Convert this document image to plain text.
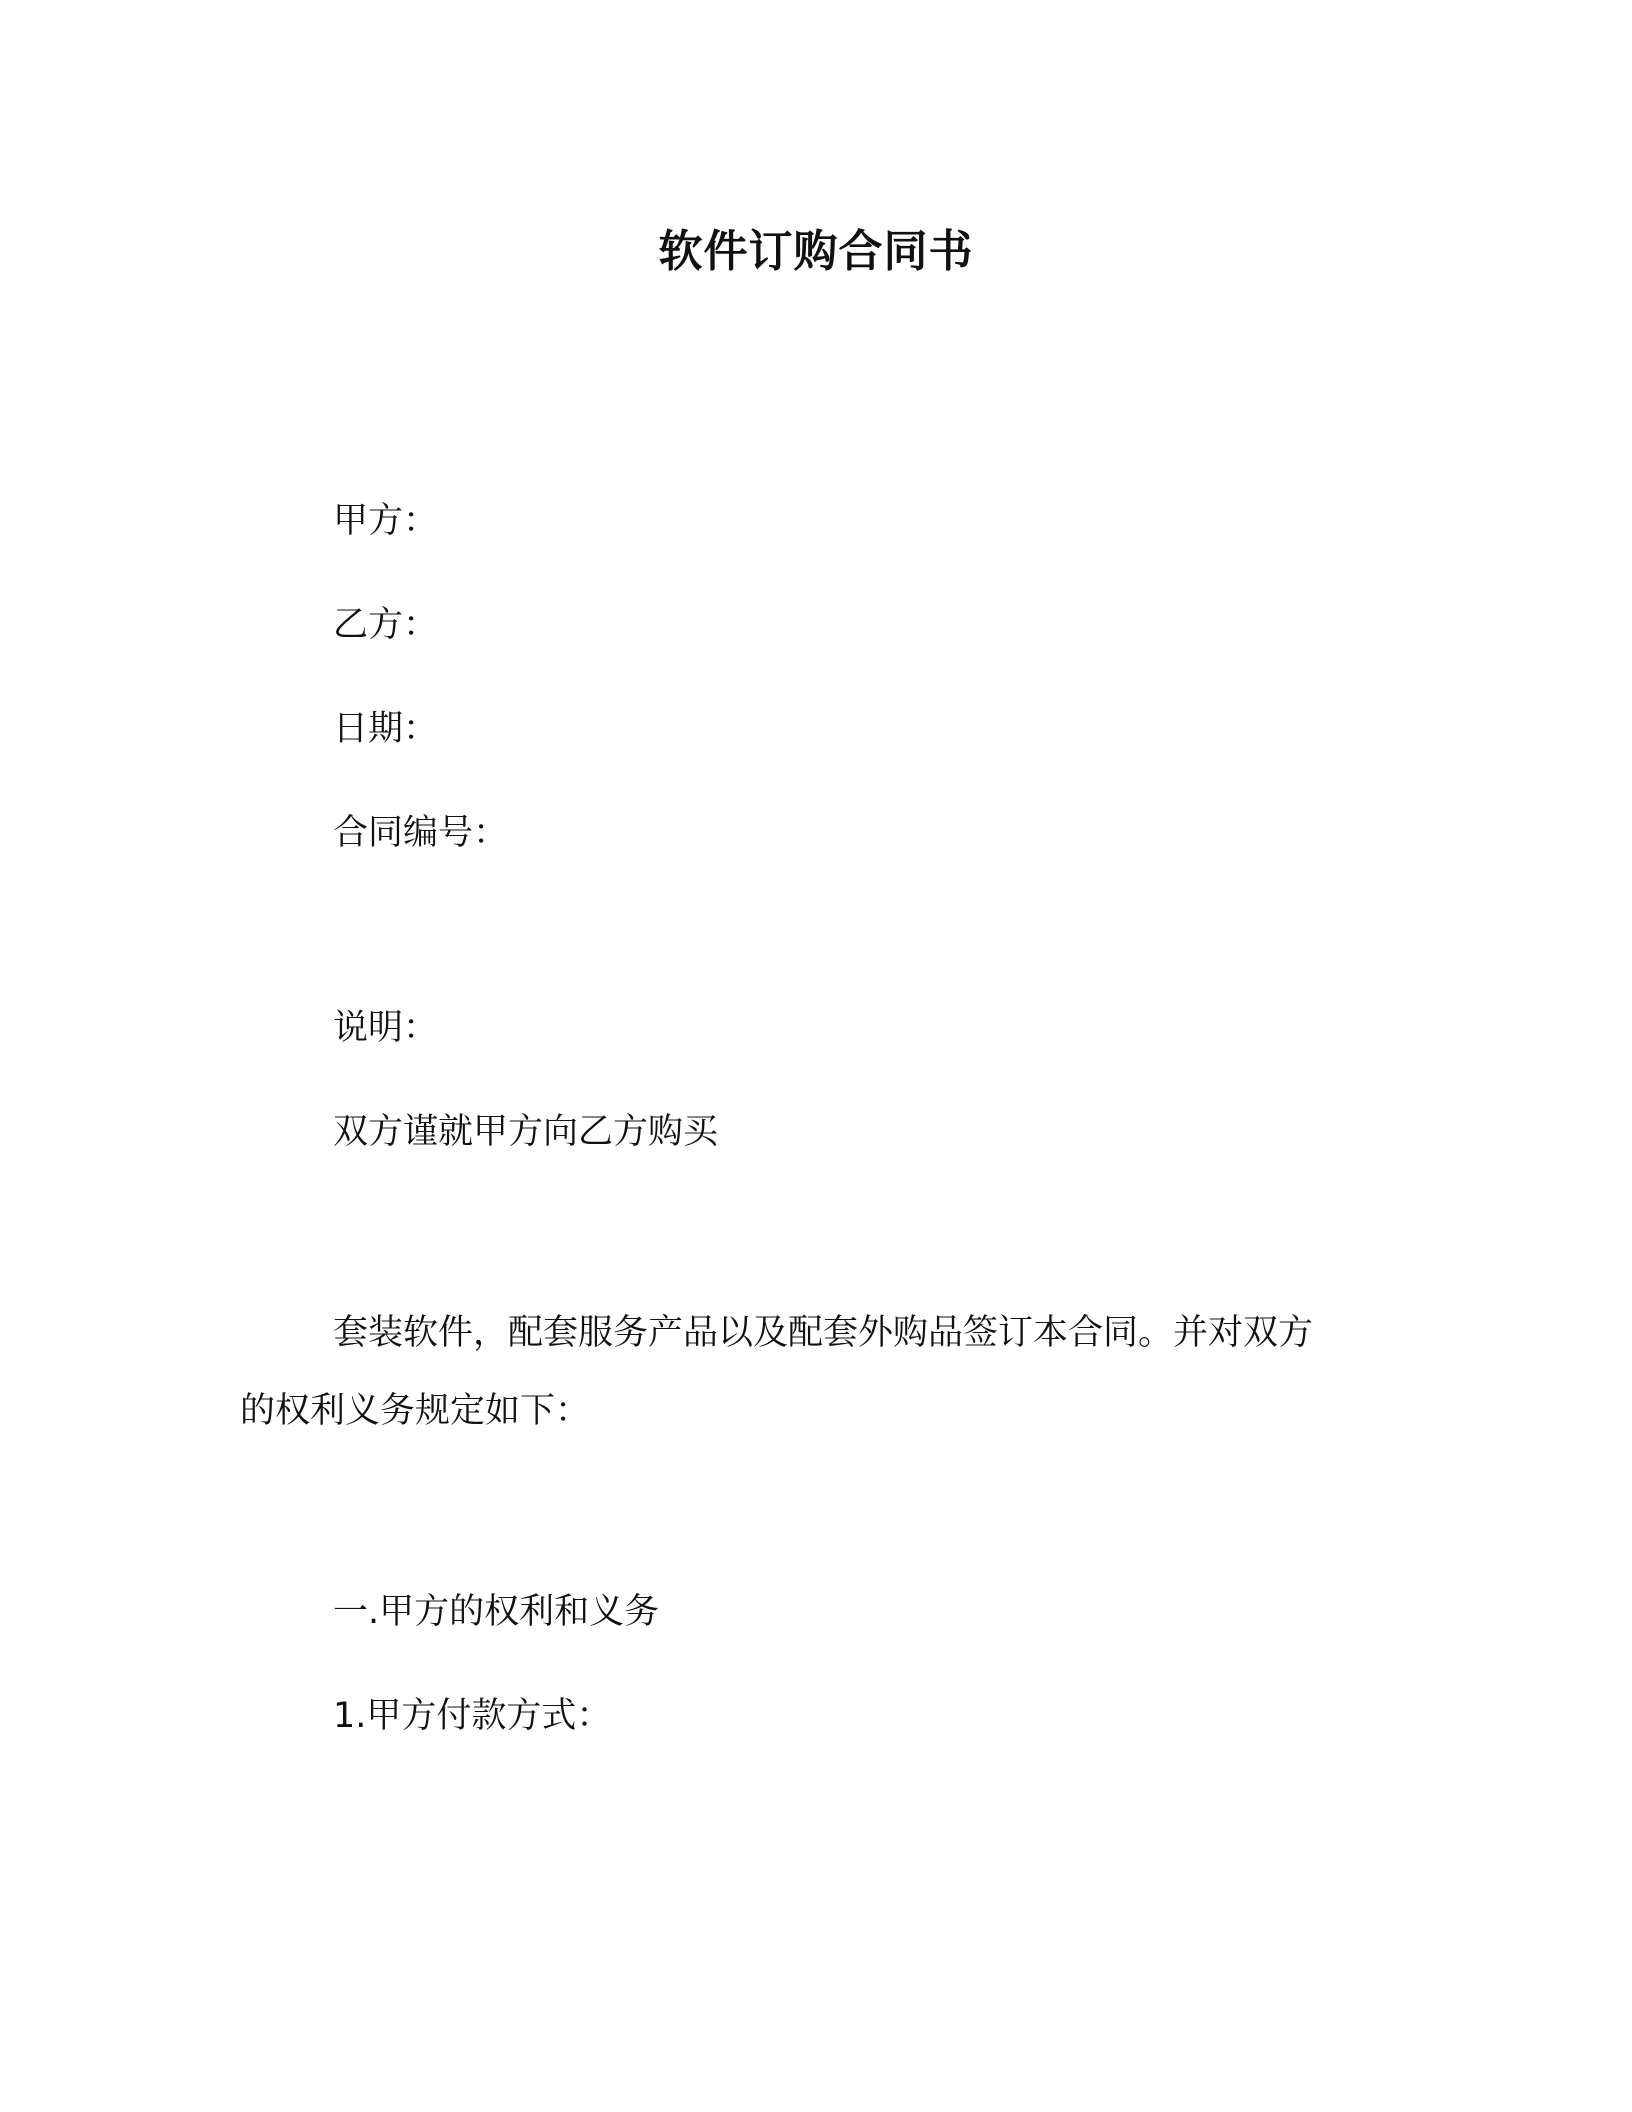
软件订购合同书
甲方：
乙方：
日期：
合同编号：
说明：
双方谨就甲方向乙方购买
套装软件，配套服务产品以及配套外购品签订本合同。并对双方
的权利义务规定如下：
一.甲方的权利和义务
1.甲方付款方式：
